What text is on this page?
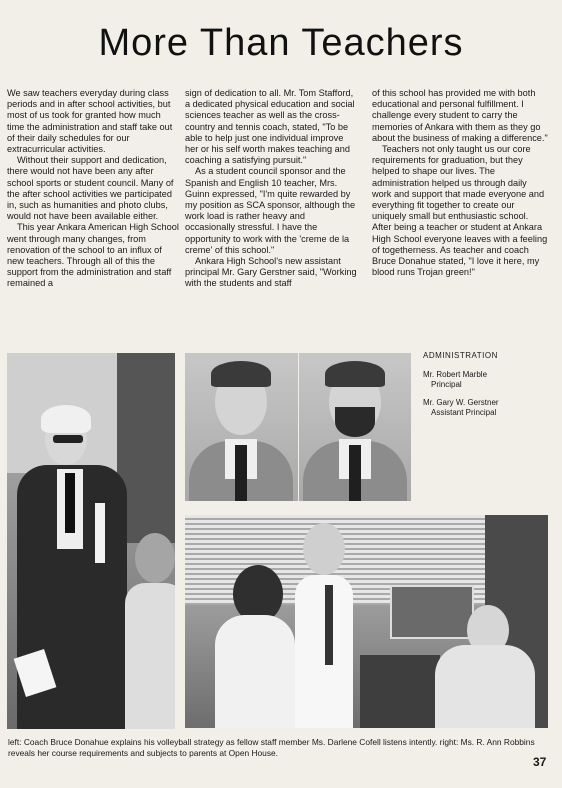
More Than Teachers

We saw teachers everyday during class periods and in after school activities, but most of us took for granted how much time the administration and staff take out of their daily schedules for our extracurricular activities.

Without their support and dedication, there would not have been any after school sports or student council. Many of the after school activities we participated in, such as humanities and photo clubs, would not have been available either.

This year Ankara American High School went through many changes, from renovation of the school to an influx of new teachers. Through all of this the support from the administration and staff remained a

sign of dedication to all. Mr. Tom Stafford, a dedicated physical education and social sciences teacher as well as the cross-country and tennis coach, stated, "To be able to help just one individual improve her or his self worth makes teaching and coaching a satisfying pursuit."

As a student council sponsor and the Spanish and English 10 teacher, Mrs. Guinn expressed, "I'm quite rewarded by my position as SCA sponsor, although the work load is rather heavy and occasionally stressful. I have the opportunity to work with the 'creme de la creme' of this school."

Ankara High School's new assistant principal Mr. Gary Gerstner said, "Working with the students and staff

of this school has provided me with both educational and personal fulfillment. I challenge every student to carry the memories of Ankara with them as they go about the business of making a difference."

Teachers not only taught us our core requirements for graduation, but they helped to shape our lives. The administration helped us through daily work and support that made everyone and everything fit together to create our uniquely small but enthusiastic school. After being a teacher or student at Ankara High School everyone leaves with a feeling of togetherness. As teacher and coach Bruce Donahue stated, "I love it here, my blood runs Trojan green!"

ADMINISTRATION
Mr. Robert Marble
Principal
Mr. Gary W. Gerstner
Assistant Principal
left: Coach Bruce Donahue explains his volleyball strategy as fellow staff member Ms. Darlene Cofell listens intently. right: Ms. R. Ann Robbins reveals her course requirements and subjects to parents at Open House.
37
